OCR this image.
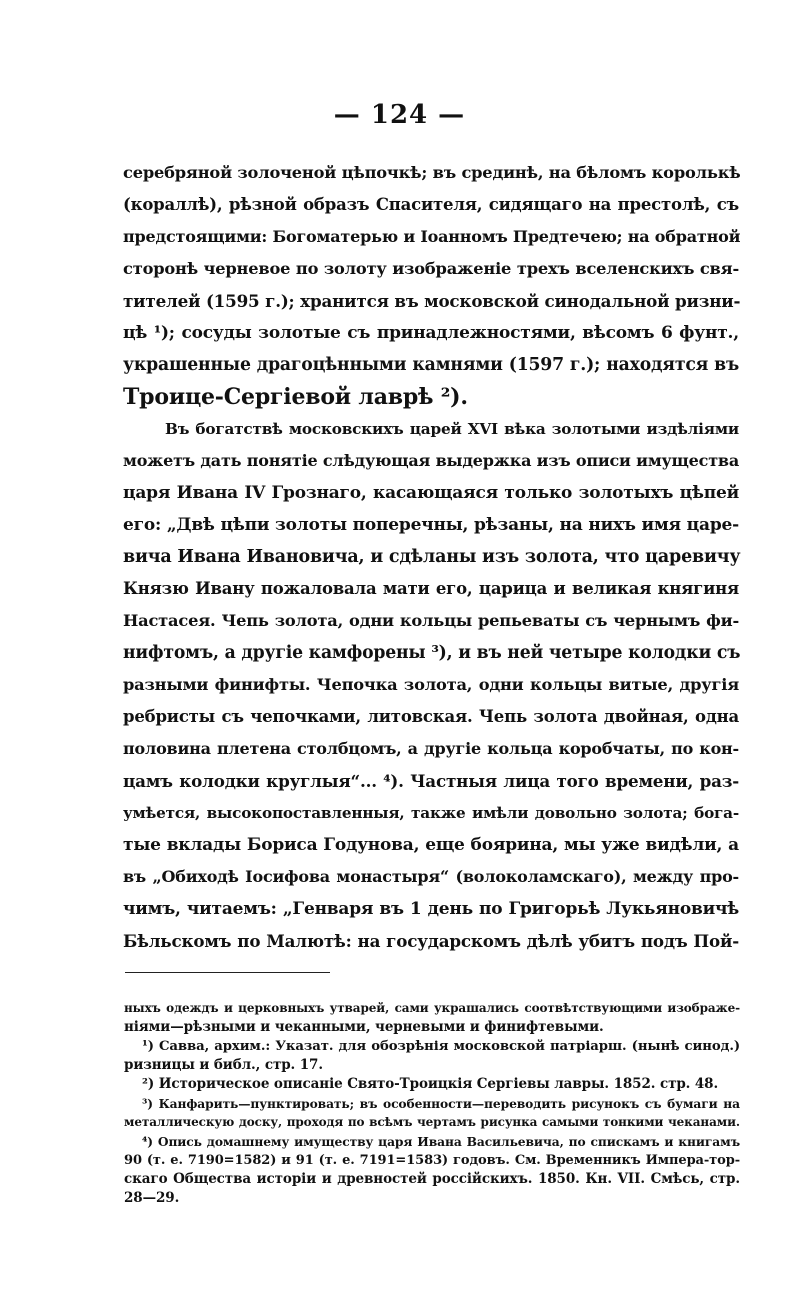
— 124 —
серебряной золоченой цѣпочкѣ; въ срединѣ, на бѣломъ королькѣ
(кораллѣ), рѣзной образъ Спасителя, сидящаго на престолѣ, съ
предстоящими: Богоматерью и Іоанномъ Предтечею; на обратной
сторонѣ черневое по золоту изображеніе трехъ вселенскихъ свя-
тителей (1595 г.); хранится въ московской синодальной ризни-
цѣ ¹); сосуды золотые съ принадлежностями, вѣсомъ 6 фунт.,
украшенные драгоцѣнными камнями (1597 г.); находятся въ
Троице-Сергіевой лаврѣ ²).
Въ богатствѣ московскихъ царей XVI вѣка золотыми издѣліями
можетъ дать понятіе слѣдующая выдержка изъ описи имущества
царя Ивана IV Грознаго, касающаяся только золотыхъ цѣпей
его: „Двѣ цѣпи золоты поперечны, рѣзаны, на нихъ имя царе-
вича Ивана Ивановича, и сдѣланы изъ золота, что царевичу
Князю Ивану пожаловала мати его, царица и великая княгиня
Настасея. Чепь золота, одни кольцы репьеваты съ чернымъ фи-
нифтомъ, а другіе камфорены ³), и въ ней четыре колодки съ
разными финифты. Чепочка золота, одни кольцы витые, другія
ребристы съ чепочками, литовская. Чепь золота двойная, одна
половина плетена столбцомъ, а другіе кольца коробчаты, по кон-
цамъ колодки круглыя“... ⁴). Частныя лица того времени, раз-
умѣется, высокопоставленныя, также имѣли довольно золота; бога-
тые вклады Бориса Годунова, еще боярина, мы уже видѣли, а
въ „Обиходѣ Іосифова монастыря“ (волоколамскаго), между про-
чимъ, читаемъ: „Генваря въ 1 день по Григорьѣ Лукьяновичѣ
Бѣльскомъ по Малютѣ: на государскомъ дѣлѣ убитъ подъ Пой-
ныхъ одеждъ и церковныхъ утварей, сами украшались соотвѣтствующими изображе-
ніями—рѣзными и чеканными, черневыми и финифтевыми.
¹) Савва, архим.: Указат. для обозрѣнія московской патріарш. (нынѣ синод.)
ризницы и библ., стр. 17.
²) Историческое описаніе Свято-Троицкія Сергіевы лавры. 1852. стр. 48.
³) Канфарить—пунктировать; въ особенности—переводить рисунокъ съ бумаги на
металлическую доску, проходя по всѣмъ чертамъ рисунка самыми тонкими чеканами.
⁴) Опись домашнему имуществу царя Ивана Васильевича, по спискамъ и книгамъ
90 (т. е. 7190=1582) и 91 (т. е. 7191=1583) годовъ. См. Временникъ Импера-тор-
скаго Общества исторіи и древностей россійскихъ. 1850. Кн. VII. Смѣсь, стр.
28—29.
